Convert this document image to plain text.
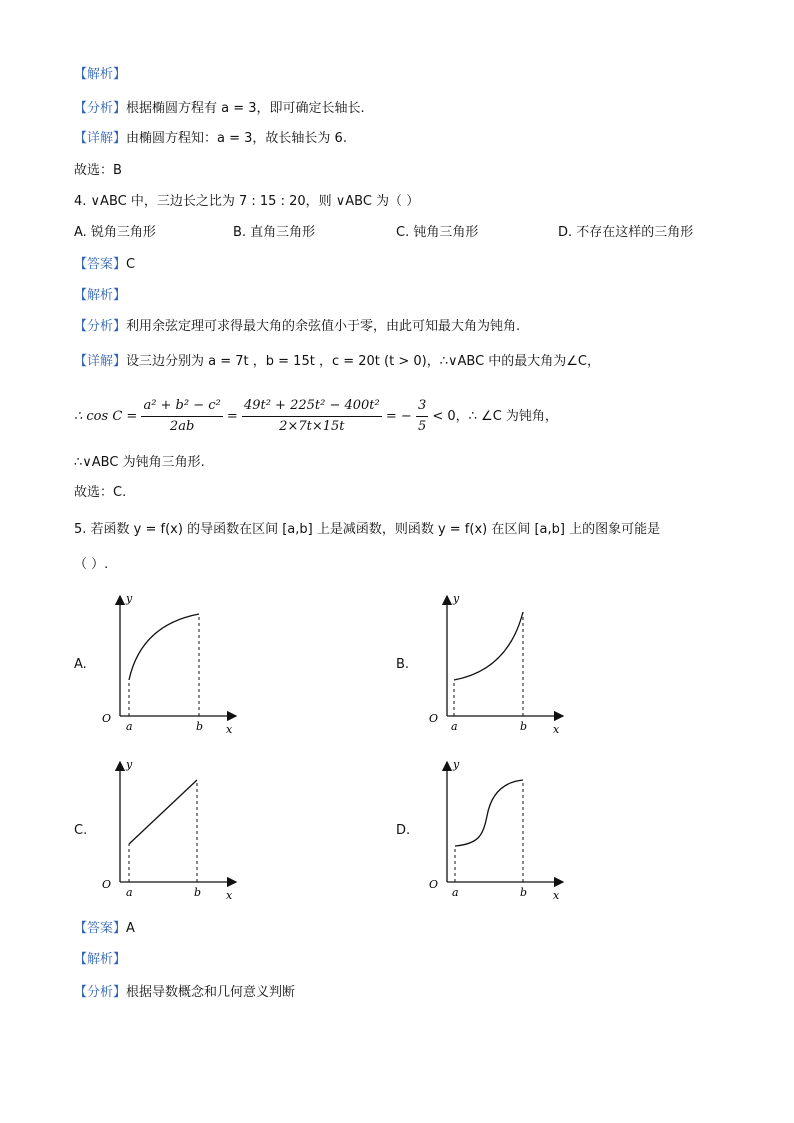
【解析】
【分析】根据椭圆方程有 a = 3，即可确定长轴长.
【详解】由椭圆方程知：a = 3，故长轴长为 6.
故选：B
4. ∨ABC 中，三边长之比为 7 : 15 : 20，则 ∨ABC 为（ ）
A. 锐角三角形	B. 直角三角形	C. 钝角三角形	D. 不存在这样的三角形
【答案】C
【解析】
【分析】利用余弦定理可求得最大角的余弦值小于零，由此可知最大角为钝角.
【详解】设三边分别为 a = 7t ，b = 15t ，c = 20t (t > 0)，∴∨ABC 中的最大角为∠C，
∴ $\cos C = \frac{\text{a² + b² − c²}}{2ab} = \frac{\text{49t² + 225t² − 400t²}}{2\times 7t\times 15t}$ = − $\frac{3}{5} < 0$，∴ ∠C 为钝角，
∴∨ABC 为钝角三角形.
故选：C.
5. 若函数 y = f(x) 的导函数在区间 [a,b] 上是减函数，则函数 y = f(x) 在区间 [a,b] 上的图象可能是
（ ）.
A.
y
x
O
a	b
B.
y
x
O
a	b
C.
y
x
O
a	b
D.
y
x
O
a	b
【答案】A
【解析】
【分析】根据导数概念和几何意义判断
